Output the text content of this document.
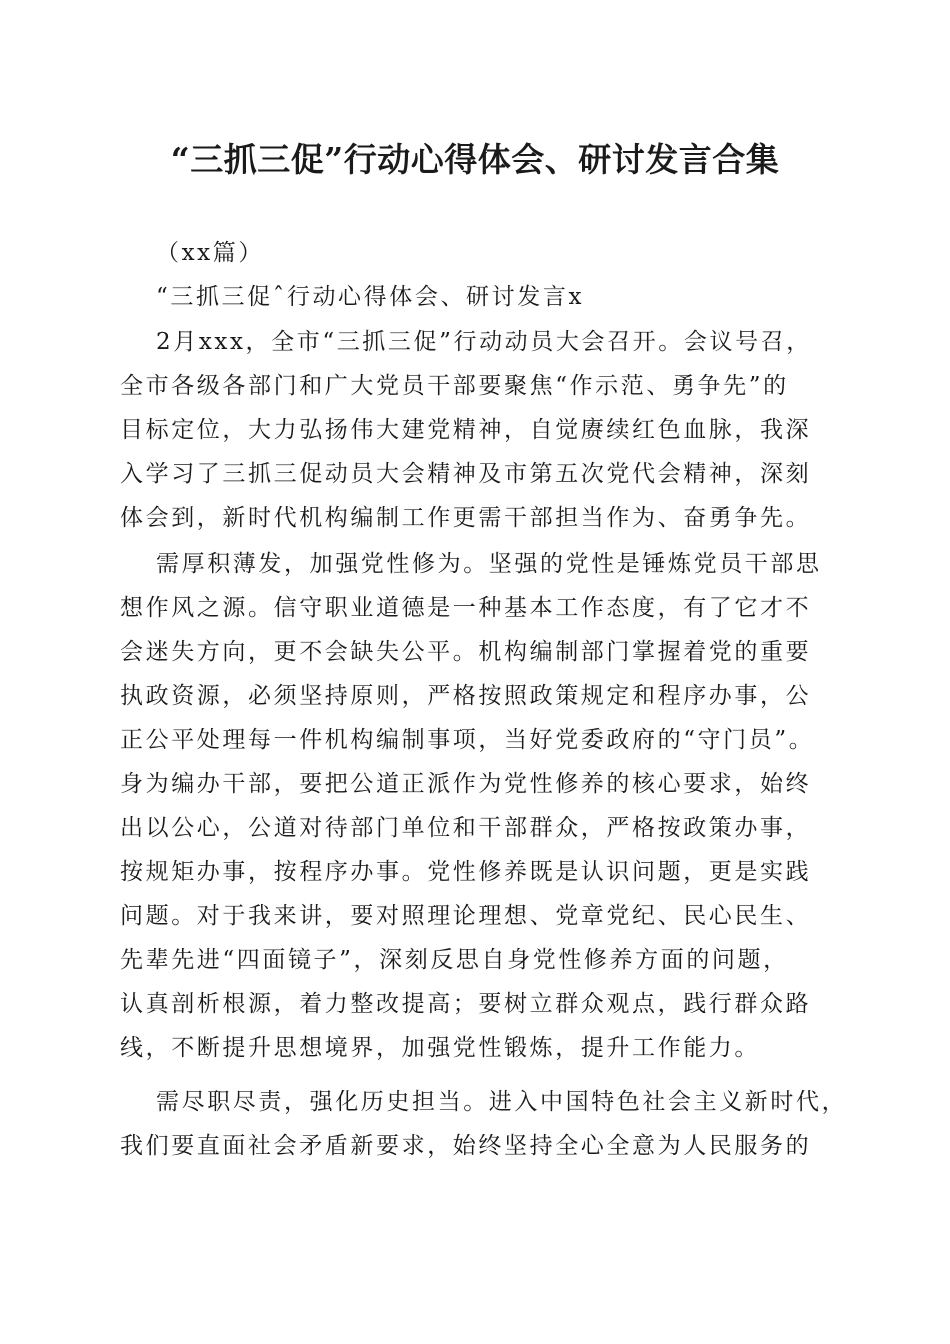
“三抓三促”行动心得体会、研讨发言合集

（xx篇）

“三抓三促ˆ行动心得体会、研讨发言x

2月xxx，全市“三抓三促”行动动员大会召开。会议号召，
全市各级各部门和广大党员干部要聚焦“作示范、勇争先”的
目标定位，大力弘扬伟大建党精神，自觉赓续红色血脉，我深
入学习了三抓三促动员大会精神及市第五次党代会精神，深刻
体会到，新时代机构编制工作更需干部担当作为、奋勇争先。
需厚积薄发，加强党性修为。坚强的党性是锤炼党员干部思
想作风之源。信守职业道德是一种基本工作态度，有了它才不
会迷失方向，更不会缺失公平。机构编制部门掌握着党的重要
执政资源，必须坚持原则，严格按照政策规定和程序办事，公
正公平处理每一件机构编制事项，当好党委政府的“守门员”。
身为编办干部，要把公道正派作为党性修养的核心要求，始终
出以公心，公道对待部门单位和干部群众，严格按政策办事，
按规矩办事，按程序办事。党性修养既是认识问题，更是实践
问题。对于我来讲，要对照理论理想、党章党纪、民心民生、
先辈先进“四面镜子”，深刻反思自身党性修养方面的问题，
认真剖析根源，着力整改提高；要树立群众观点，践行群众路
线，不断提升思想境界，加强党性锻炼，提升工作能力。
需尽职尽责，强化历史担当。进入中国特色社会主义新时代，
我们要直面社会矛盾新要求，始终坚持全心全意为人民服务的
